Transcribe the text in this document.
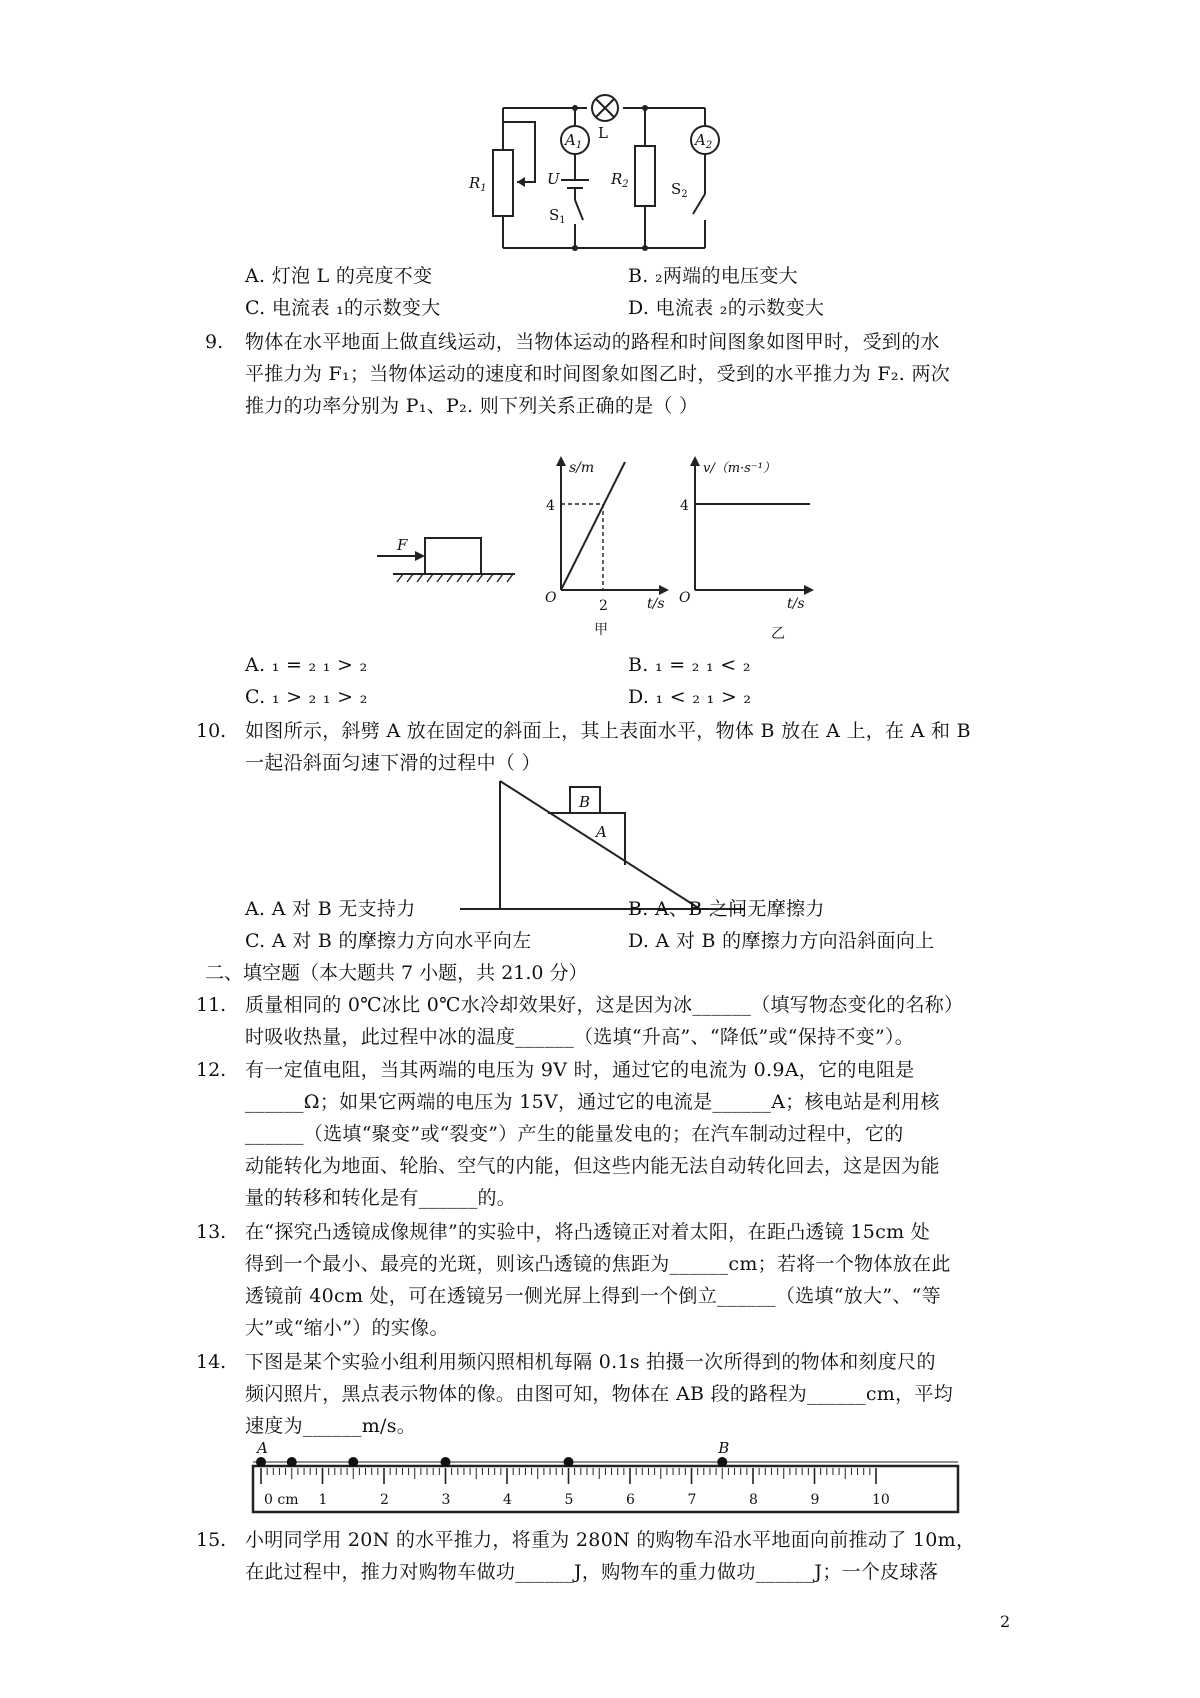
$A_1$	$A_2$
L
$R_1$
$R_2$
U
$S_1$
$S_2$
A. 灯泡 L 的亮度不变	B. ₂两端的电压变大
C. 电流表 ₁的示数变大	D. 电流表 ₂的示数变大
9. 物体在水平地面上做直线运动，当物体运动的路程和时间图象如图甲时，受到的水
平推力为 F₁；当物体运动的速度和时间图象如图乙时，受到的水平推力为 F₂. 两次
推力的功率分别为 P₁、P₂. 则下列关系正确的是（ ）
F
s/m
4
2
O	t/s
甲
v/（m·s⁻¹）
4
O	t/s
乙
A. ₁ = ₂ ₁ > ₂	B. ₁ = ₂ ₁ < ₂
C. ₁ > ₂ ₁ > ₂	D. ₁ < ₂ ₁ > ₂
10. 如图所示，斜劈 A 放在固定的斜面上，其上表面水平，物体 B 放在 A 上，在 A 和 B
一起沿斜面匀速下滑的过程中（ ）
B
A
A. A 对 B 无支持力	B. A、B 之间无摩擦力
C. A 对 B 的摩擦力方向水平向左	D. A 对 B 的摩擦力方向沿斜面向上
二、填空题（本大题共 7 小题，共 21.0 分）
11. 质量相同的 0℃冰比 0℃水冷却效果好，这是因为冰______（填写物态变化的名称）
时吸收热量，此过程中冰的温度______（选填“升高”、“降低”或“保持不变”）。
12. 有一定值电阻，当其两端的电压为 9V 时，通过它的电流为 0.9A，它的电阻是
______Ω；如果它两端的电压为 15V，通过它的电流是______A；核电站是利用核
______（选填“聚变”或“裂变”）产生的能量发电的；在汽车制动过程中，它的
动能转化为地面、轮胎、空气的内能，但这些内能无法自动转化回去，这是因为能
量的转移和转化是有______的。
13. 在“探究凸透镜成像规律”的实验中，将凸透镜正对着太阳，在距凸透镜 15cm 处
得到一个最小、最亮的光斑，则该凸透镜的焦距为______cm；若将一个物体放在此
透镜前 40cm 处，可在透镜另一侧光屏上得到一个倒立______（选填“放大”、“等
大”或“缩小”）的实像。
14. 下图是某个实验小组利用频闪照相机每隔 0.1s 拍摄一次所得到的物体和刻度尺的
频闪照片，黑点表示物体的像。由图可知，物体在 AB 段的路程为______cm，平均
速度为______m/s。
0 cm 1	2	3	4	5	6	7	8	9	10
A	B
15. 小明同学用 20N 的水平推力，将重为 280N 的购物车沿水平地面向前推动了 10m，
在此过程中，推力对购物车做功______J，购物车的重力做功______J；一个皮球落
2
